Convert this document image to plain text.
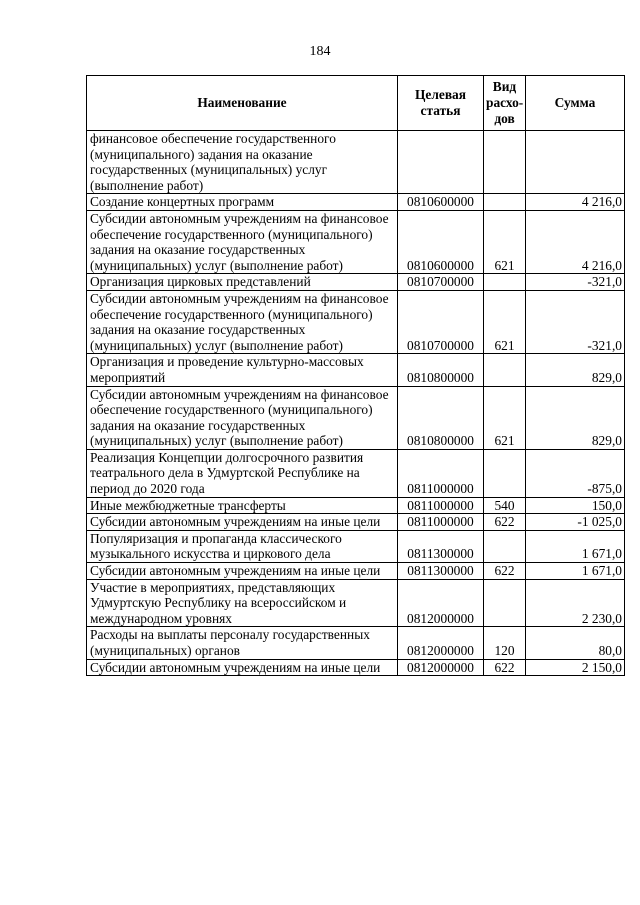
184
Наименование	Целевая статья	Вид расхо-дов	Сумма
финансовое обеспечение государственного (муниципального) задания на оказание государственных (муниципальных) услуг (выполнение работ)			
Создание концертных программ	0810600000		4 216,0
Субсидии автономным учреждениям на финансовое обеспечение государственного (муниципального) задания на оказание государственных (муниципальных) услуг (выполнение работ)	0810600000	621	4 216,0
Организация цирковых представлений	0810700000		-321,0
Субсидии автономным учреждениям на финансовое обеспечение государственного (муниципального) задания на оказание государственных (муниципальных) услуг (выполнение работ)	0810700000	621	-321,0
Организация и проведение культурно-массовых мероприятий	0810800000		829,0
Субсидии автономным учреждениям на финансовое обеспечение государственного (муниципального) задания на оказание государственных (муниципальных) услуг (выполнение работ)	0810800000	621	829,0
Реализация Концепции долгосрочного развития театрального дела в Удмуртской Республике на период до 2020 года	0811000000		-875,0
Иные межбюджетные трансферты	0811000000	540	150,0
Субсидии автономным учреждениям на иные цели	0811000000	622	-1 025,0
Популяризация и пропаганда классического музыкального искусства и циркового дела	0811300000		1 671,0
Субсидии автономным учреждениям на иные цели	0811300000	622	1 671,0
Участие в мероприятиях, представляющих Удмуртскую Республику на всероссийском и международном уровнях	0812000000		2 230,0
Расходы на выплаты персоналу государственных (муниципальных) органов	0812000000	120	80,0
Субсидии автономным учреждениям на иные цели	0812000000	622	2 150,0
